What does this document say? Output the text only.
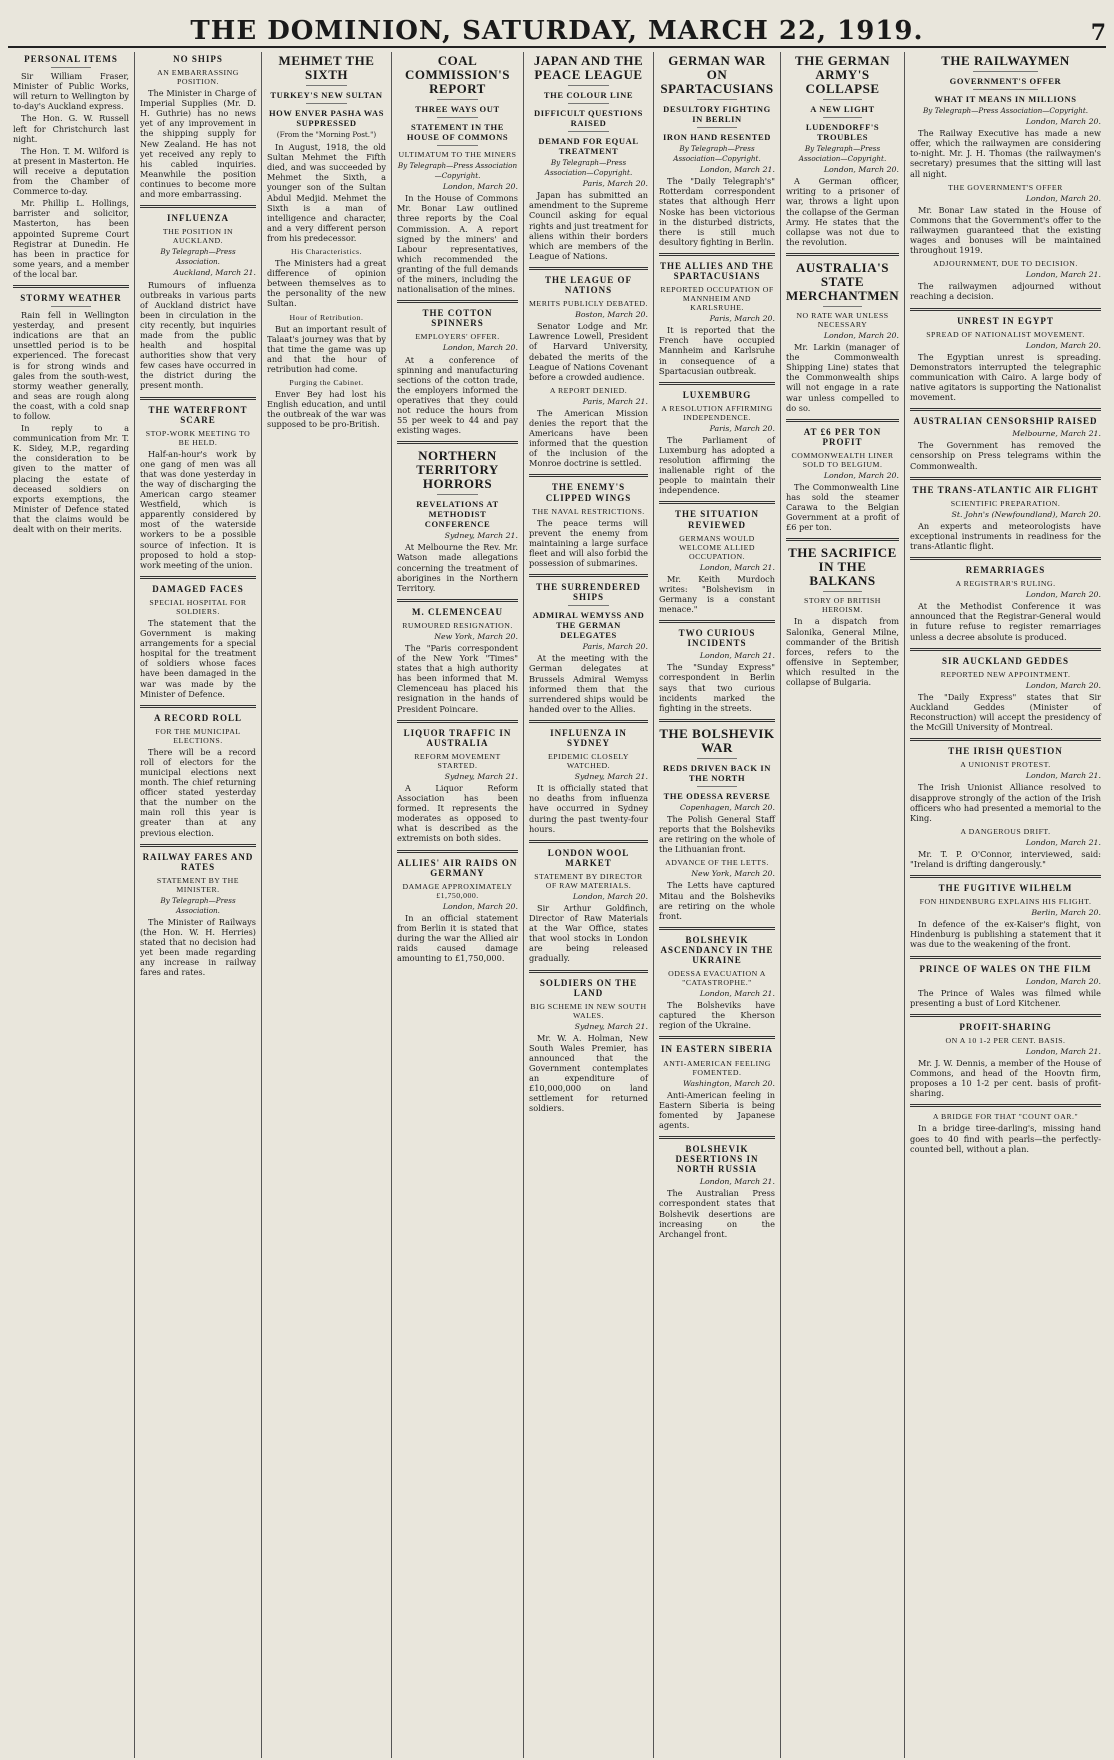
THE DOMINION, SATURDAY, MARCH 22, 1919.	7
PERSONAL ITEMS

Sir William Fraser, Minister of Public Works, will return to Wellington by to-day's Auckland express.

The Hon. G. W. Russell left for Christchurch last night.

The Hon. T. M. Wilford is at present in Masterton. He will receive a deputation from the Chamber of Commerce to-day.

Mr. Phillip L. Hollings, barrister and solicitor, Masterton, has been appointed Supreme Court Registrar at Dunedin. He has been in practice for some years, and a member of the local bar.

STORMY WEATHER

Rain fell in Wellington yesterday, and present indications are that an unsettled period is to be experienced. The forecast is for strong winds and gales from the south-west, stormy weather generally, and seas are rough along the coast, with a cold snap to follow.

In reply to a communication from Mr. T. K. Sidey, M.P., regarding the consideration to be given to the matter of placing the estate of deceased soldiers on exports exemptions, the Minister of Defence stated that the claims would be dealt with on their merits.

NO SHIPS
AN EMBARRASSING POSITION.

The Minister in Charge of Imperial Supplies (Mr. D. H. Guthrie) has no news yet of any improvement in the shipping supply for New Zealand. He has not yet received any reply to his cabled inquiries. Meanwhile the position continues to become more and more embarrassing.

INFLUENZA
THE POSITION IN AUCKLAND.
By Telegraph—Press Association.
Auckland, March 21.

Rumours of influenza outbreaks in various parts of Auckland district have been in circulation in the city recently, but inquiries made from the public health and hospital authorities show that very few cases have occurred in the district during the present month.

THE WATERFRONT SCARE
STOP-WORK MEETING TO BE HELD.

Half-an-hour's work by one gang of men was all that was done yesterday in the way of discharging the American cargo steamer Westfield, which is apparently considered by most of the waterside workers to be a possible source of infection. It is proposed to hold a stop-work meeting of the union.

DAMAGED FACES
SPECIAL HOSPITAL FOR SOLDIERS.

The statement that the Government is making arrangements for a special hospital for the treatment of soldiers whose faces have been damaged in the war was made by the Minister of Defence.

A RECORD ROLL
FOR THE MUNICIPAL ELECTIONS.

There will be a record roll of electors for the municipal elections next month. The chief returning officer stated yesterday that the number on the main roll this year is greater than at any previous election.

RAILWAY FARES AND RATES
STATEMENT BY THE MINISTER.
By Telegraph—Press Association.

The Minister of Railways (the Hon. W. H. Herries) stated that no decision had yet been made regarding any increase in railway fares and rates.

MEHMET THE SIXTH
TURKEY'S NEW SULTAN
HOW ENVER PASHA WAS SUPPRESSED
(From the "Morning Post.")

In August, 1918, the old Sultan Mehmet the Fifth died, and was succeeded by Mehmet the Sixth, a younger son of the Sultan Abdul Medjid. Mehmet the Sixth is a man of intelligence and character, and a very different person from his predecessor.

His Characteristics.

The Ministers had a great difference of opinion between themselves as to the personality of the new Sultan.

Hour of Retribution.

But an important result of Talaat's journey was that by that time the game was up and that the hour of retribution had come.

Purging the Cabinet.

Enver Bey had lost his English education, and until the outbreak of the war was supposed to be pro-British.

COAL COMMISSION'S REPORT
THREE WAYS OUT
STATEMENT IN THE HOUSE OF COMMONS
ULTIMATUM TO THE MINERS
By Telegraph—Press Association—Copyright.
London, March 20.

In the House of Commons Mr. Bonar Law outlined three reports by the Coal Commission. A. A report signed by the miners' and Labour representatives, which recommended the granting of the full demands of the miners, including the nationalisation of the mines.

THE COTTON SPINNERS
EMPLOYERS' OFFER.
London, March 20.

At a conference of spinning and manufacturing sections of the cotton trade, the employers informed the operatives that they could not reduce the hours from 55 per week to 44 and pay existing wages.

NORTHERN TERRITORY HORRORS
REVELATIONS AT METHODIST CONFERENCE
Sydney, March 21.

At Melbourne the Rev. Mr. Watson made allegations concerning the treatment of aborigines in the Northern Territory.

M. CLEMENCEAU
RUMOURED RESIGNATION.
New York, March 20.

The "Paris correspondent of the New York "Times" states that a high authority has been informed that M. Clemenceau has placed his resignation in the hands of President Poincare.

LIQUOR TRAFFIC IN AUSTRALIA
REFORM MOVEMENT STARTED.
Sydney, March 21.

A Liquor Reform Association has been formed. It represents the moderates as opposed to what is described as the extremists on both sides.

ALLIES' AIR RAIDS ON GERMANY
DAMAGE APPROXIMATELY £1,750,000.
London, March 20.

In an official statement from Berlin it is stated that during the war the Allied air raids caused damage amounting to £1,750,000.

JAPAN AND THE PEACE LEAGUE
THE COLOUR LINE
DIFFICULT QUESTIONS RAISED
DEMAND FOR EQUAL TREATMENT
By Telegraph—Press Association—Copyright.
Paris, March 20.

Japan has submitted an amendment to the Supreme Council asking for equal rights and just treatment for aliens within their borders which are members of the League of Nations.

THE LEAGUE OF NATIONS
MERITS PUBLICLY DEBATED.
Boston, March 20.

Senator Lodge and Mr. Lawrence Lowell, President of Harvard University, debated the merits of the League of Nations Covenant before a crowded audience.

A REPORT DENIED.
Paris, March 21.

The American Mission denies the report that the Americans have been informed that the question of the inclusion of the Monroe doctrine is settled.

THE ENEMY'S CLIPPED WINGS
THE NAVAL RESTRICTIONS.

The peace terms will prevent the enemy from maintaining a large surface fleet and will also forbid the possession of submarines.

THE SURRENDERED SHIPS
ADMIRAL WEMYSS AND THE GERMAN DELEGATES
Paris, March 20.

At the meeting with the German delegates at Brussels Admiral Wemyss informed them that the surrendered ships would be handed over to the Allies.

INFLUENZA IN SYDNEY
EPIDEMIC CLOSELY WATCHED.
Sydney, March 21.

It is officially stated that no deaths from influenza have occurred in Sydney during the past twenty-four hours.

LONDON WOOL MARKET
STATEMENT BY DIRECTOR OF RAW MATERIALS.
London, March 20.

Sir Arthur Goldfinch, Director of Raw Materials at the War Office, states that wool stocks in London are being released gradually.

SOLDIERS ON THE LAND
BIG SCHEME IN NEW SOUTH WALES.
Sydney, March 21.

Mr. W. A. Holman, New South Wales Premier, has announced that the Government contemplates an expenditure of £10,000,000 on land settlement for returned soldiers.

GERMAN WAR ON SPARTACUSIANS
DESULTORY FIGHTING IN BERLIN
IRON HAND RESENTED
By Telegraph—Press Association—Copyright.
London, March 21.

The "Daily Telegraph's" Rotterdam correspondent states that although Herr Noske has been victorious in the disturbed districts, there is still much desultory fighting in Berlin.

THE ALLIES AND THE SPARTACUSIANS
REPORTED OCCUPATION OF MANNHEIM AND KARLSRUHE.
Paris, March 20.

It is reported that the French have occupied Mannheim and Karlsruhe in consequence of a Spartacusian outbreak.

LUXEMBURG
A RESOLUTION AFFIRMING INDEPENDENCE.
Paris, March 20.

The Parliament of Luxemburg has adopted a resolution affirming the inalienable right of the people to maintain their independence.

THE SITUATION REVIEWED
GERMANS WOULD WELCOME ALLIED OCCUPATION.
London, March 21.

Mr. Keith Murdoch writes: "Bolshevism in Germany is a constant menace."

TWO CURIOUS INCIDENTS
London, March 21.

The "Sunday Express" correspondent in Berlin says that two curious incidents marked the fighting in the streets.

THE BOLSHEVIK WAR
REDS DRIVEN BACK IN THE NORTH
THE ODESSA REVERSE
Copenhagen, March 20.

The Polish General Staff reports that the Bolsheviks are retiring on the whole of the Lithuanian front.

ADVANCE OF THE LETTS.
New York, March 20.

The Letts have captured Mitau and the Bolsheviks are retiring on the whole front.

BOLSHEVIK ASCENDANCY IN THE UKRAINE
ODESSA EVACUATION A "CATASTROPHE."
London, March 21.

The Bolsheviks have captured the Kherson region of the Ukraine.

IN EASTERN SIBERIA
ANTI-AMERICAN FEELING FOMENTED.
Washington, March 20.

Anti-American feeling in Eastern Siberia is being fomented by Japanese agents.

BOLSHEVIK DESERTIONS IN NORTH RUSSIA
London, March 21.

The Australian Press correspondent states that Bolshevik desertions are increasing on the Archangel front.

THE GERMAN ARMY'S COLLAPSE
A NEW LIGHT
LUDENDORFF'S TROUBLES
By Telegraph—Press Association—Copyright.
London, March 20.

A German officer, writing to a prisoner of war, throws a light upon the collapse of the German Army. He states that the collapse was not due to the revolution.

AUSTRALIA'S STATE MERCHANTMEN
NO RATE WAR UNLESS NECESSARY
London, March 20.

Mr. Larkin (manager of the Commonwealth Shipping Line) states that the Commonwealth ships will not engage in a rate war unless compelled to do so.

AT £6 PER TON PROFIT
COMMONWEALTH LINER SOLD TO BELGIUM.
London, March 20.

The Commonwealth Line has sold the steamer Carawa to the Belgian Government at a profit of £6 per ton.

THE SACRIFICE IN THE BALKANS
STORY OF BRITISH HEROISM.

In a dispatch from Salonika, General Milne, commander of the British forces, refers to the offensive in September, which resulted in the collapse of Bulgaria.

THE RAILWAYMEN
GOVERNMENT'S OFFER
WHAT IT MEANS IN MILLIONS
By Telegraph—Press Association—Copyright.
London, March 20.

The Railway Executive has made a new offer, which the railwaymen are considering to-night. Mr. J. H. Thomas (the railwaymen's secretary) presumes that the sitting will last all night.

THE GOVERNMENT'S OFFER
London, March 20.

Mr. Bonar Law stated in the House of Commons that the Government's offer to the railwaymen guaranteed that the existing wages and bonuses will be maintained throughout 1919.

ADJOURNMENT, DUE TO DECISION.
London, March 21.

The railwaymen adjourned without reaching a decision.

UNREST IN EGYPT
SPREAD OF NATIONALIST MOVEMENT.
London, March 20.

The Egyptian unrest is spreading. Demonstrators interrupted the telegraphic communication with Cairo. A large body of native agitators is supporting the Nationalist movement.

AUSTRALIAN CENSORSHIP RAISED
Melbourne, March 21.

The Government has removed the censorship on Press telegrams within the Commonwealth.

THE TRANS-ATLANTIC AIR FLIGHT
SCIENTIFIC PREPARATION.
St. John's (Newfoundland), March 20.

An experts and meteorologists have exceptional instruments in readiness for the trans-Atlantic flight.

REMARRIAGES
A REGISTRAR'S RULING.
London, March 20.

At the Methodist Conference it was announced that the Registrar-General would in future refuse to register remarriages unless a decree absolute is produced.

SIR AUCKLAND GEDDES
REPORTED NEW APPOINTMENT.
London, March 20.

The "Daily Express" states that Sir Auckland Geddes (Minister of Reconstruction) will accept the presidency of the McGill University of Montreal.

THE IRISH QUESTION
A UNIONIST PROTEST.
London, March 21.

The Irish Unionist Alliance resolved to disapprove strongly of the action of the Irish officers who had presented a memorial to the King.

A DANGEROUS DRIFT.
London, March 21.

Mr. T. P. O'Connor, interviewed, said: "Ireland is drifting dangerously."

THE FUGITIVE WILHELM
FON HINDENBURG EXPLAINS HIS FLIGHT.
Berlin, March 20.

In defence of the ex-Kaiser's flight, von Hindenburg is publishing a statement that it was due to the weakening of the front.

PRINCE OF WALES ON THE FILM
London, March 20.

The Prince of Wales was filmed while presenting a bust of Lord Kitchener.

PROFIT-SHARING
ON A 10 1-2 PER CENT. BASIS.
London, March 21.

Mr. J. W. Dennis, a member of the House of Commons, and head of the Hoovtn firm, proposes a 10 1-2 per cent. basis of profit-sharing.

A BRIDGE FOR THAT "COUNT OAR."

In a bridge tiree-darling's, missing hand goes to 40 find with pearls—the perfectly-counted bell, without a plan.
